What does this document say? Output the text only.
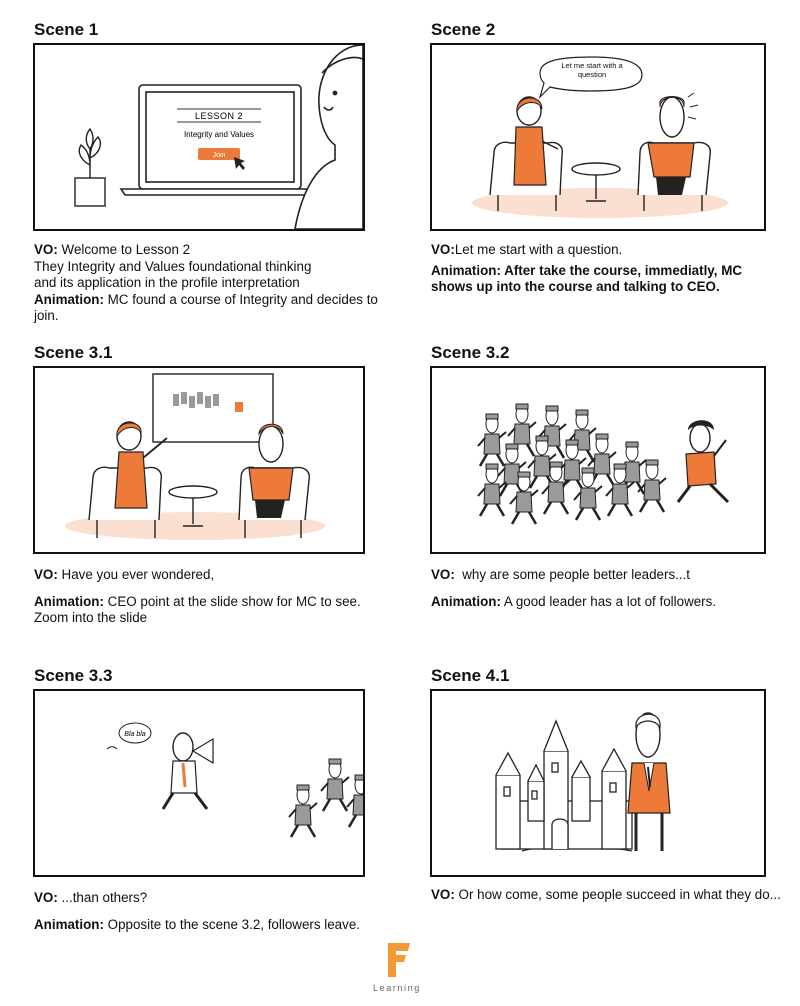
Scene 1
LESSON 2
Integrity and Values
Join

VO: Welcome to Lesson 2

They Integrity and Values foundational thinking

and its application in the profile interpretation

Animation: MC found a course of Integrity and decides to join.

Scene 2
Let me start with a question

VO:Let me start with a question.

Animation: After take the course, immediatly, MC shows up into the course and talking to CEO.

Scene 3.1

VO: Have you ever wondered,

Animation: CEO point at the slide show for MC to see.

Zoom into the slide

Scene 3.2

VO: why are some people better leaders...t

Animation: A good leader has a lot of followers.

Scene 3.3
Bla bla

VO: ...than others?

Animation: Opposite to the scene 3.2, followers leave.

Scene 4.1

VO: Or how come, some people succeed in what they do...

Learning
